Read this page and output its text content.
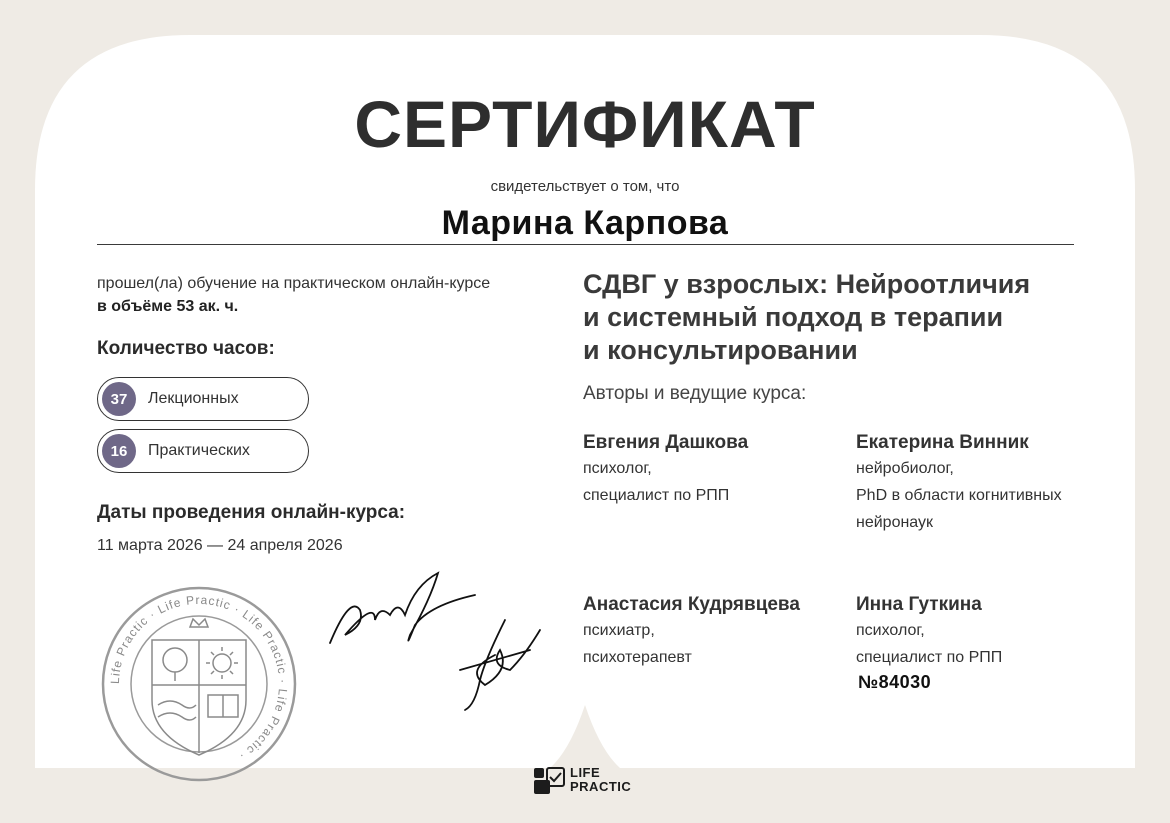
СЕРТИФИКАТ
свидетельствует о том, что
Марина Карпова
прошел(ла) обучение на практическом онлайн-курсе
в объёме 53 ак. ч.
Количество часов:
37	Лекционных
16	Практических
Даты проведения онлайн-курса:
11 марта 2026 — 24 апреля 2026
СДВГ у взрослых: Нейроотличия
и системный подход в терапии
и консультировании
Авторы и ведущие курса:
Евгения Дашкова
психолог,
специалист по РПП
Екатерина Винник
нейробиолог,
PhD в области когнитивных
нейронаук
Анастасия Кудрявцева
психиатр,
психотерапевт
Инна Гуткина
психолог,
специалист по РПП
№84030
Life Practic · Life Practic · Life Practic · Life Practic ·
LIFE
PRACTIC
